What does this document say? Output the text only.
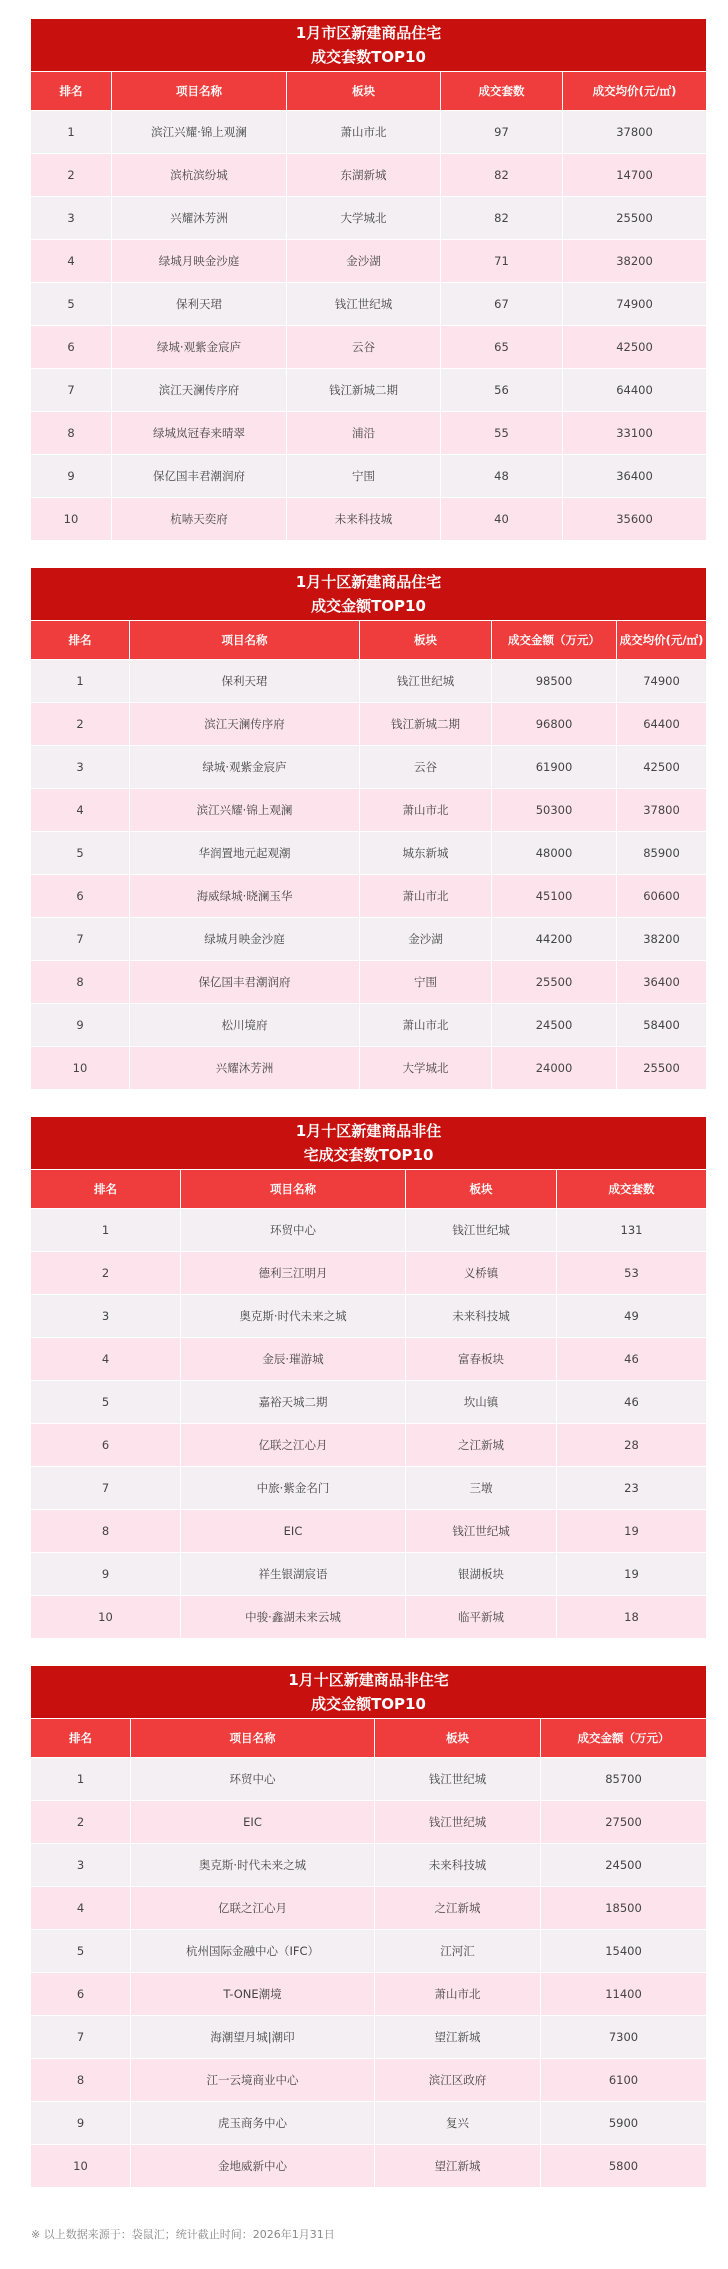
1月市区新建商品住宅
成交套数TOP10
排名	项目名称	板块	成交套数	成交均价(元/㎡)
1	滨江兴耀·锦上观澜	萧山市北	97	37800
2	滨杭滨纷城	东湖新城	82	14700
3	兴耀沐芳洲	大学城北	82	25500
4	绿城月映金沙庭	金沙湖	71	38200
5	保利天珺	钱江世纪城	67	74900
6	绿城·观紫金宸庐	云谷	65	42500
7	滨江天澜传序府	钱江新城二期	56	64400
8	绿城岚冠春来晴翠	浦沿	55	33100
9	保亿国丰君潮润府	宁围	48	36400
10	杭哧天奕府	未来科技城	40	35600
1月十区新建商品住宅
成交金额TOP10
排名	项目名称	板块	成交金额（万元）	成交均价(元/㎡)
1	保利天珺	钱江世纪城	98500	74900
2	滨江天澜传序府	钱江新城二期	96800	64400
3	绿城·观紫金宸庐	云谷	61900	42500
4	滨江兴耀·锦上观澜	萧山市北	50300	37800
5	华润置地元起观潮	城东新城	48000	85900
6	海威绿城·晓澜玉华	萧山市北	45100	60600
7	绿城月映金沙庭	金沙湖	44200	38200
8	保亿国丰君潮润府	宁围	25500	36400
9	松川境府	萧山市北	24500	58400
10	兴耀沐芳洲	大学城北	24000	25500
1月十区新建商品非住
宅成交套数TOP10
排名	项目名称	板块	成交套数
1	环贸中心	钱江世纪城	131
2	德利三江明月	义桥镇	53
3	奥克斯·时代未来之城	未来科技城	49
4	金辰·璀游城	富春板块	46
5	嘉裕天城二期	坎山镇	46
6	亿联之江心月	之江新城	28
7	中旅·紫金名门	三墩	23
8	EIC	钱江世纪城	19
9	祥生银湖宸语	银湖板块	19
10	中骏·鑫湖未来云城	临平新城	18
1月十区新建商品非住宅
成交金额TOP10
排名	项目名称	板块	成交金额（万元）
1	环贸中心	钱江世纪城	85700
2	EIC	钱江世纪城	27500
3	奥克斯·时代未来之城	未来科技城	24500
4	亿联之江心月	之江新城	18500
5	杭州国际金融中心（IFC）	江河汇	15400
6	T-ONE潮境	萧山市北	11400
7	海潮望月城|潮印	望江新城	7300
8	江一云境商业中心	滨江区政府	6100
9	虎玉商务中心	复兴	5900
10	金地威新中心	望江新城	5800
※ 以上数据来源于：袋鼠汇；统计截止时间：2026年1月31日
